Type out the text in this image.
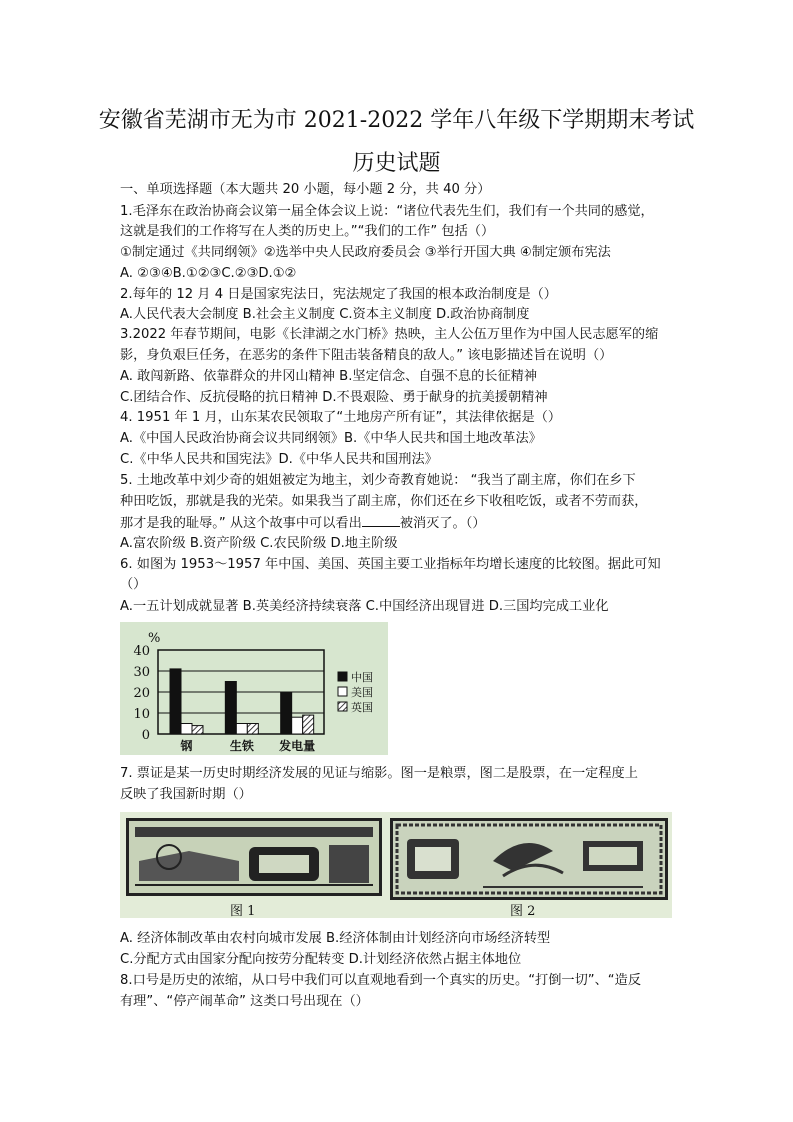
安徽省芜湖市无为市 2021-2022 学年八年级下学期期末考试
历史试题
一、单项选择题（本大题共 20 小题，每小题 2 分，共 40 分）
1.毛泽东在政治协商会议第一届全体会议上说：“诸位代表先生们，我们有一个共同的感觉，
这就是我们的工作将写在人类的历史上。”“我们的工作” 包括（）
①制定通过《共同纲领》②选举中央人民政府委员会 ③举行开国大典 ④制定颁布宪法
A. ②③④B.①②③C.②③D.①②
2.每年的 12 月 4 日是国家宪法日，宪法规定了我国的根本政治制度是（）
A.人民代表大会制度 B.社会主义制度 C.资本主义制度 D.政治协商制度
3.2022 年春节期间，电影《长津湖之水门桥》热映，主人公伍万里作为中国人民志愿军的缩
影，身负艰巨任务，在恶劣的条件下阻击装备精良的敌人。” 该电影描述旨在说明（）
A. 敢闯新路、依靠群众的井冈山精神 B.坚定信念、自强不息的长征精神
C.团结合作、反抗侵略的抗日精神 D.不畏艰险、勇于献身的抗美援朝精神
4. 1951 年 1 月，山东某农民领取了“土地房产所有证”，其法律依据是（）
A.《中国人民政治协商会议共同纲领》B.《中华人民共和国土地改革法》
C.《中华人民共和国宪法》D.《中华人民共和国刑法》
5. 土地改革中刘少奇的姐姐被定为地主，刘少奇教育她说： “我当了副主席，你们在乡下
种田吃饭，那就是我的光荣。如果我当了副主席，你们还在乡下收租吃饭，或者不劳而获，
那才是我的耻辱。” 从这个故事中可以看出	被消灭了。（）
A.富农阶级 B.资产阶级 C.农民阶级 D.地主阶级
6. 如图为 1953～1957 年中国、美国、英国主要工业指标年均增长速度的比较图。据此可知
（）
A.一五计划成就显著 B.英美经济持续衰落 C.中国经济出现冒进 D.三国均完成工业化
%
0
10
20
30
40
钢	生铁 发电量
中国
美国
英国
7. 票证是某一历史时期经济发展的见证与缩影。图一是粮票，图二是股票，在一定程度上
反映了我国新时期（）
图 1	图 2
A. 经济体制改革由农村向城市发展 B.经济体制由计划经济向市场经济转型
C.分配方式由国家分配向按劳分配转变 D.计划经济依然占据主体地位
8.口号是历史的浓缩，从口号中我们可以直观地看到一个真实的历史。“打倒一切”、“造反
有理”、“停产闹革命” 这类口号出现在（）
